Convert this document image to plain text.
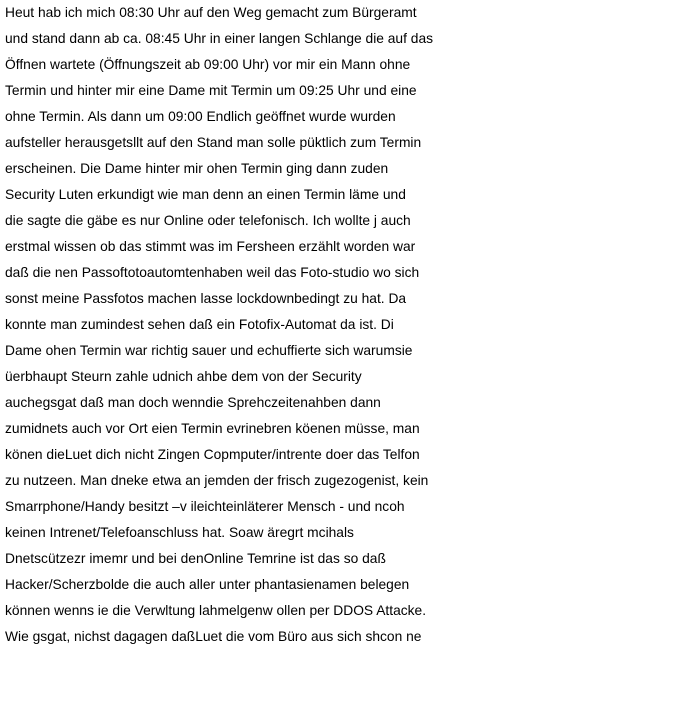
Heut hab ich mich 08:30 Uhr auf den Weg gemacht zum Bürgeramt
und stand dann ab ca. 08:45 Uhr in einer langen Schlange die auf das
Öffnen wartete (Öffnungszeit ab 09:00 Uhr) vor mir ein Mann ohne
Termin und hinter mir eine Dame mit Termin um 09:25 Uhr und eine
ohne Termin. Als dann um 09:00 Endlich geöffnet wurde wurden
aufsteller herausgetsllt auf den Stand man solle püktlich zum Termin
erscheinen. Die Dame hinter mir ohen Termin ging dann zuden
Security Luten erkundigt wie man denn an einen Termin läme und
die sagte die gäbe es nur Online oder telefonisch. Ich wollte j auch
erstmal wissen ob das stimmt was im Fersheen erzählt worden war
daß die nen Passoftotoautomtenhaben weil das Foto-studio wo sich
sonst meine Passfotos machen lasse lockdownbedingt zu hat. Da
konnte man zumindest sehen daß ein Fotofix-Automat da ist. Di
Dame ohen Termin war richtig sauer und echuffierte sich warumsie
üerbhaupt Steurn zahle udnich ahbe dem von der Security
auchegsgat daß man doch wenndie Sprehczeitenahben dann
zumidnets auch vor Ort eien Termin evrinebren köenen müsse, man
könen dieLuet dich nicht Zingen Copmputer/intrente doer das Telfon
zu nutzeen. Man dneke etwa an jemden der frisch zugezogenist, kein
Smarrphone/Handy besitzt –v ileichteinläterer Mensch - und ncoh
keinen Intrenet/Telefoanschluss hat. Soaw äregrt mcihals
Dnetscützezr imemr und bei denOnline Temrine ist das so daß
Hacker/Scherzbolde die auch aller unter phantasienamen belegen
können wenns ie die Verwltung lahmelgenw ollen per DDOS Attacke.
Wie gsgat, nichst dagagen daßLuet die vom Büro aus sich shcon ne
